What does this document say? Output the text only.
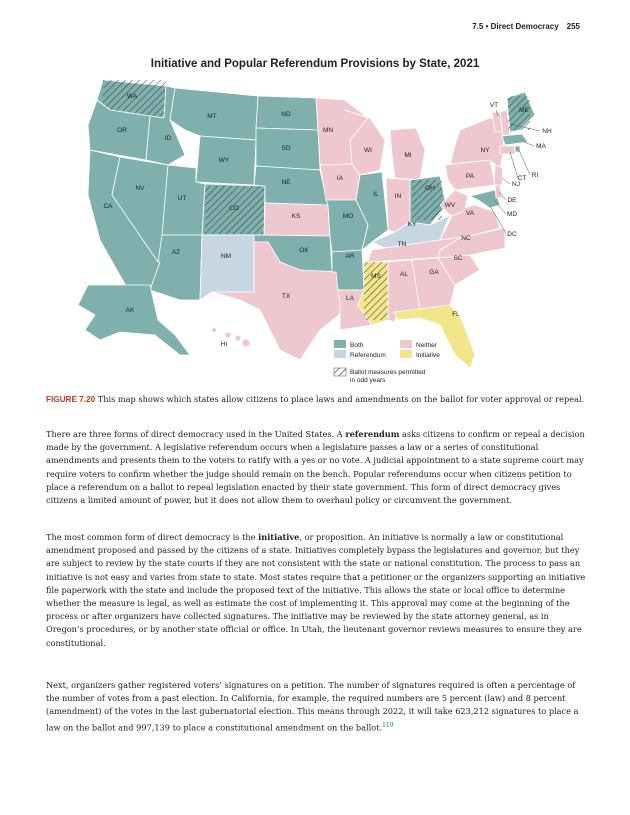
7.5 • Direct Democracy 255
Initiative and Popular Referendum Provisions by State, 2021
WA
OR
CA
ID
NV
MT
WY
UT
AZ
CO
NM
ND
SD
NE
KS
OK
TX
MN
IA
MO
AR
LA
WI
IL
MI
IN
OH
KY
TN
MS	AL	GA
FL
SC
NC
VA
WV
PA
NY
VT
ME
NH
MA
RI
CT
NJ
DE
MD
DC
AK
HI	Both	Neither
Referendum	Initiative
Ballot measures permitted
in odd years
FIGURE 7.20 This map shows which states allow citizens to place laws and amendments on the ballot for voter approval or repeal.

There are three forms of direct democracy used in the United States. A referendum asks citizens to confirm or repeal a decision made by the government. A legislative referendum occurs when a legislature passes a law or a series of constitutional amendments and presents them to the voters to ratify with a yes or no vote. A judicial appointment to a state supreme court may require voters to confirm whether the judge should remain on the bench. Popular referendums occur when citizens petition to place a referendum on a ballot to repeal legislation enacted by their state government. This form of direct democracy gives citizens a limited amount of power, but it does not allow them to overhaul policy or circumvent the government.

The most common form of direct democracy is the initiative, or proposition. An initiative is normally a law or constitutional amendment proposed and passed by the citizens of a state. Initiatives completely bypass the legislatures and governor, but they are subject to review by the state courts if they are not consistent with the state or national constitution. The process to pass an initiative is not easy and varies from state to state. Most states require that a petitioner or the organizers supporting an initiative file paperwork with the state and include the proposed text of the initiative. This allows the state or local office to determine whether the measure is legal, as well as estimate the cost of implementing it. This approval may come at the beginning of the process or after organizers have collected signatures. The initiative may be reviewed by the state attorney general, as in Oregon’s procedures, or by another state official or office. In Utah, the lieutenant governor reviews measures to ensure they are constitutional.

Next, organizers gather registered voters’ signatures on a petition. The number of signatures required is often a percentage of the number of votes from a past election. In California, for example, the required numbers are 5 percent (law) and 8 percent (amendment) of the votes in the last gubernatorial election. This means through 2022, it will take 623,212 signatures to place a law on the ballot and 997,139 to place a constitutional amendment on the ballot.$^{119}$
